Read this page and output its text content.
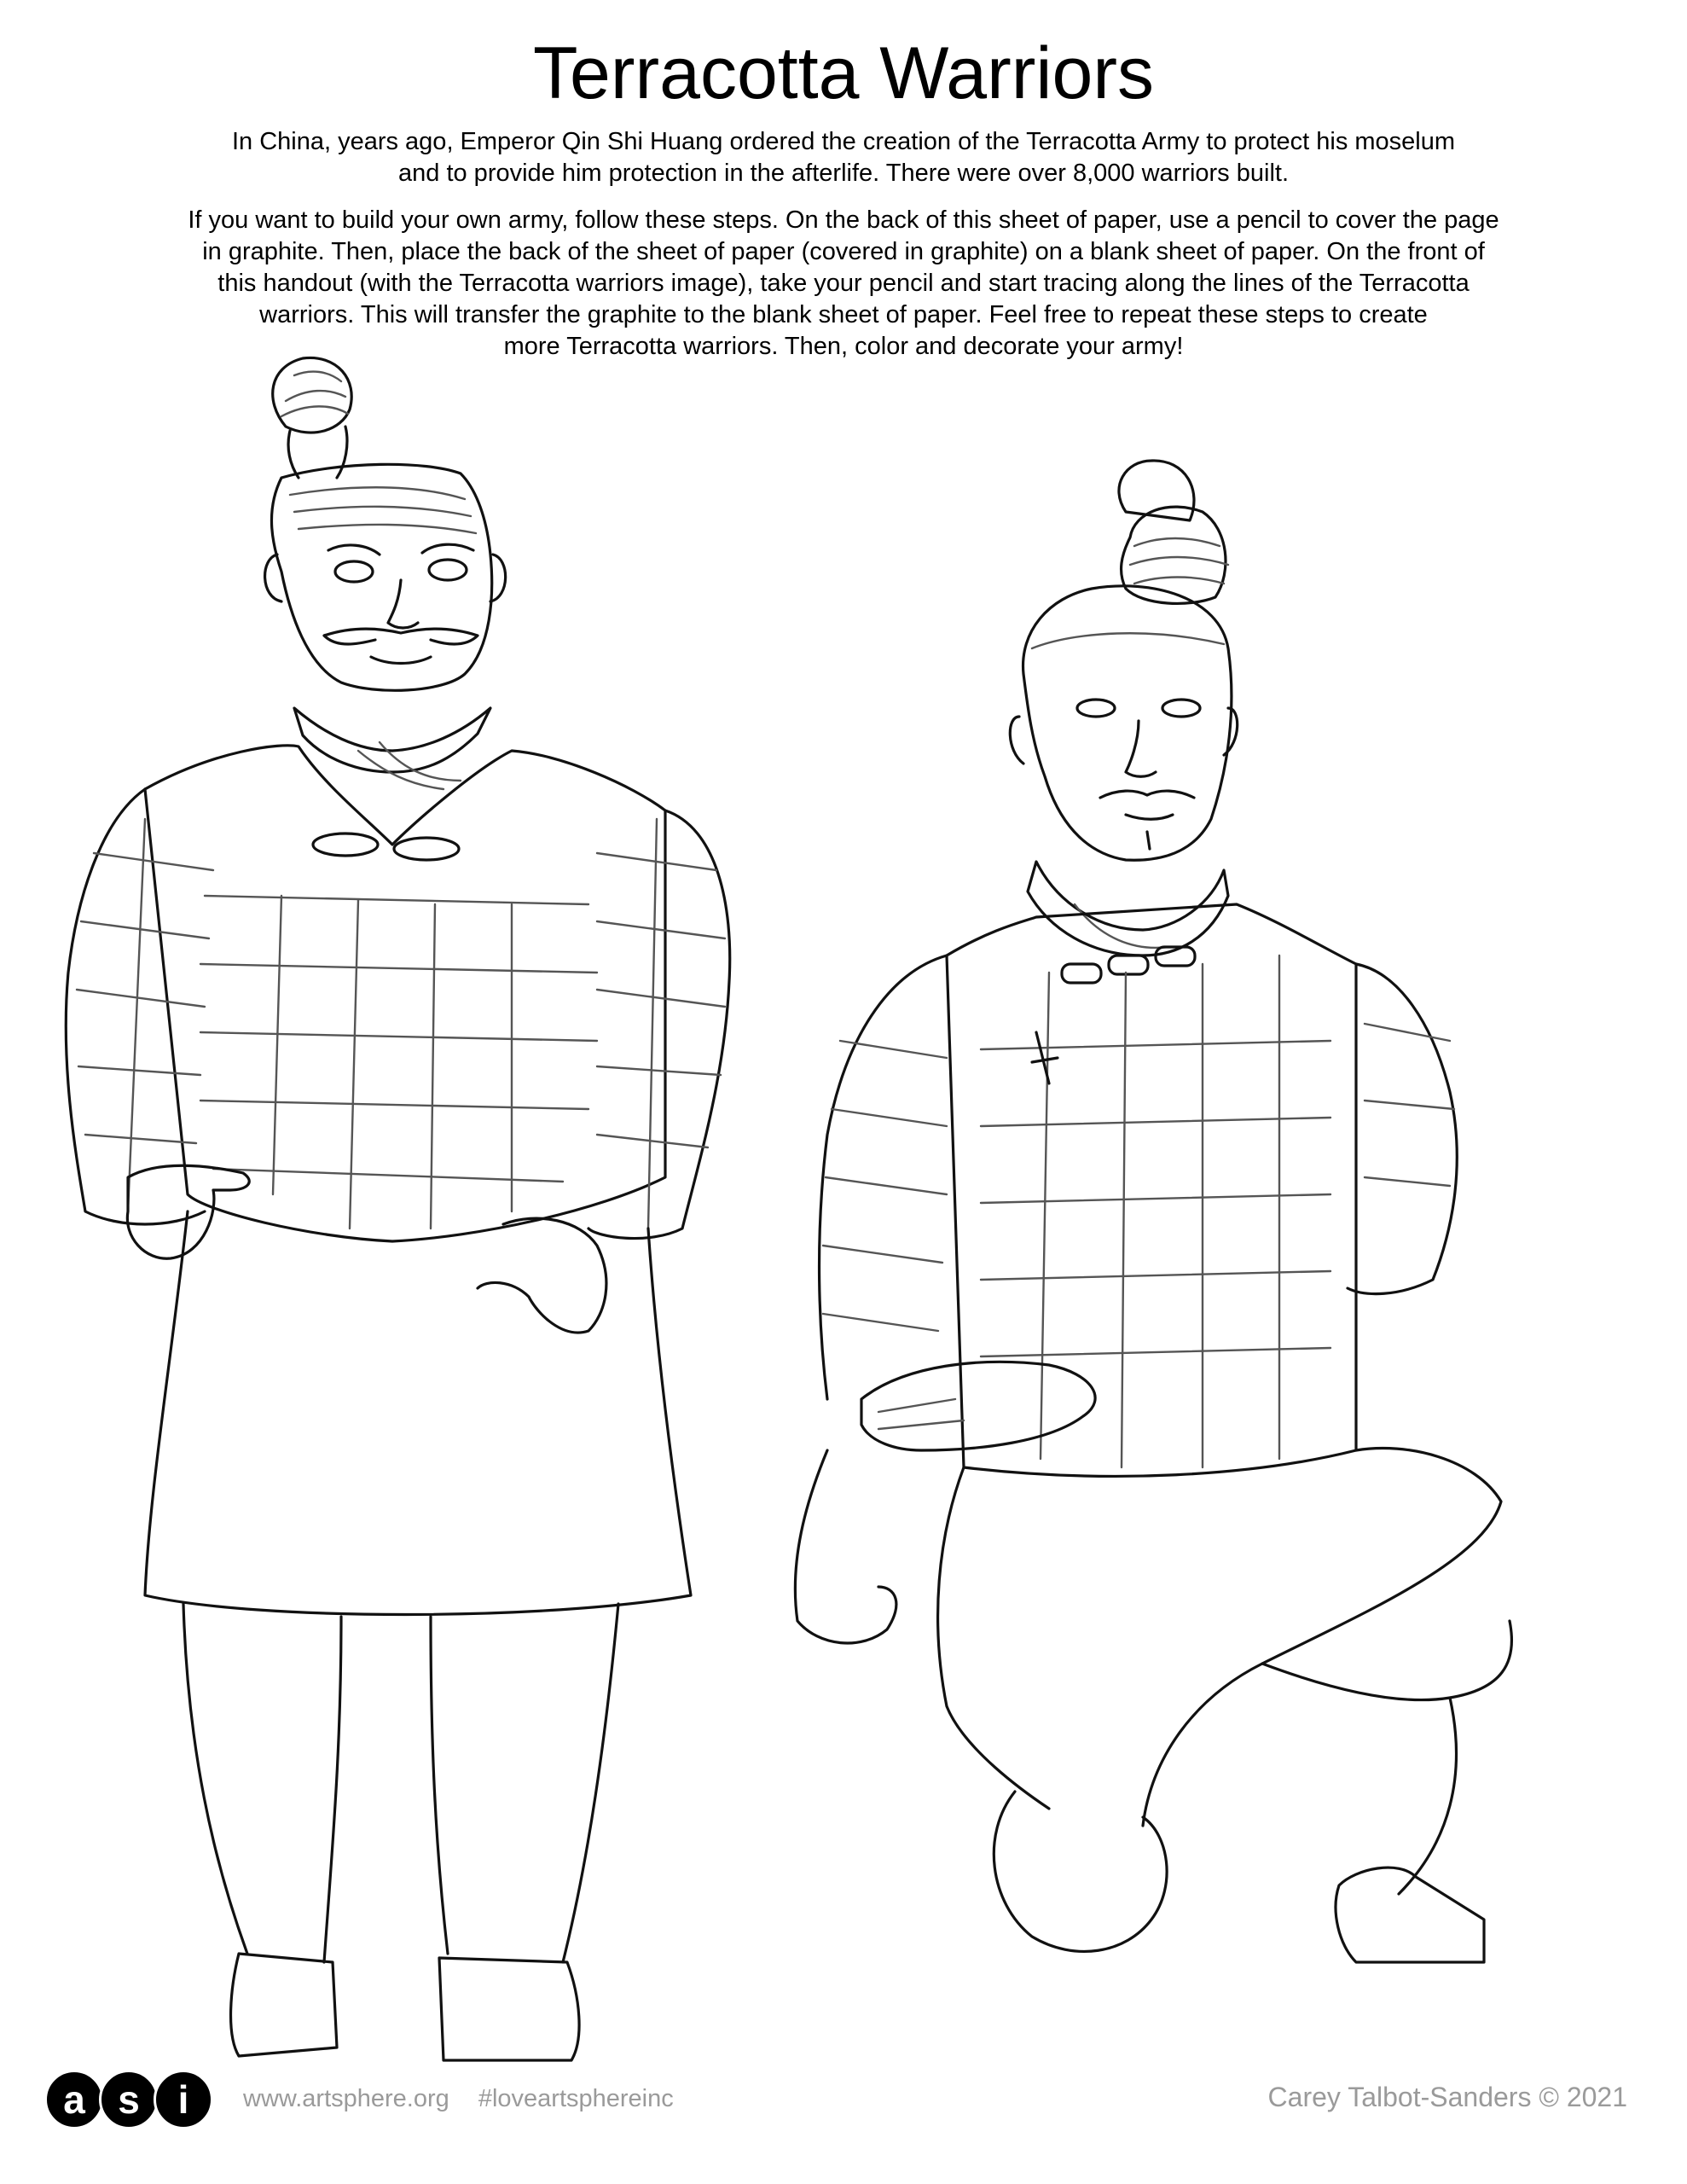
Terracotta Warriors
In China, years ago, Emperor Qin Shi Huang ordered the creation of the Terracotta Army to protect his moselum
and to provide him protection in the afterlife. There were over 8,000 warriors built.
If you want to build your own army, follow these steps. On the back of this sheet of paper, use a pencil to cover the page
in graphite. Then, place the back of the sheet of paper (covered in graphite) on a blank sheet of paper. On the front of
this handout (with the Terracotta warriors image), take your pencil and start tracing along the lines of the Terracotta
warriors. This will transfer the graphite to the blank sheet of paper. Feel free to repeat these steps to create
more Terracotta warriors. Then, color and decorate your army!
a s i	www.artsphere.org #loveartsphereinc	Carey Talbot-Sanders © 2021
